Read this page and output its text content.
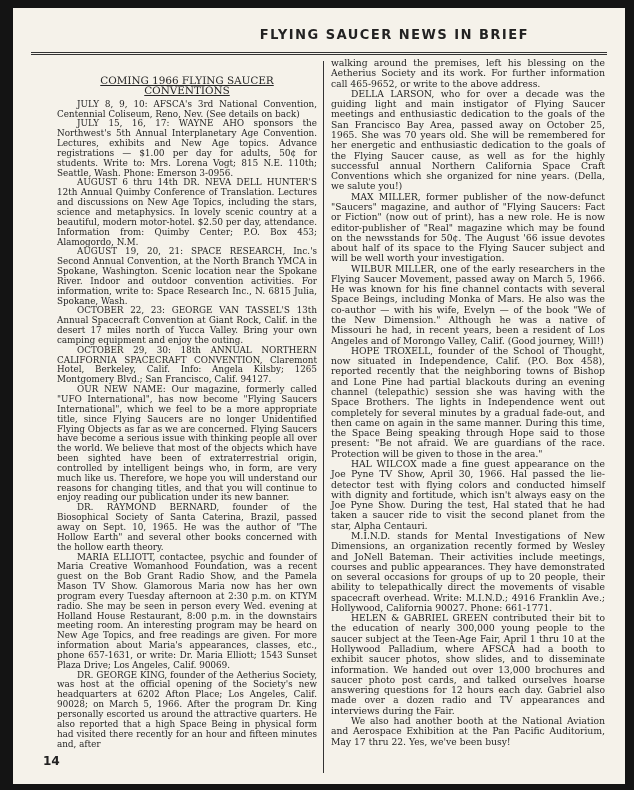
FLYING SAUCER NEWS IN BRIEF
COMING 1966 FLYING SAUCER CONVENTIONS

JULY 8, 9, 10: AFSCA's 3rd National Convention, Centennial Coliseum, Reno, Nev. (See details on back)

JULY 15, 16, 17: WAYNE AHO sponsors the Northwest's 5th Annual Interplanetary Age Convention. Lectures, exhibits and New Age topics. Advance registrations — $1.00 per day for adults, 50¢ for students. Write to: Mrs. Lorena Vogt; 815 N.E. 110th; Seattle, Wash. Phone: Emerson 3-0956.

AUGUST 6 thru 14th DR. NEVA DELL HUNTER'S 12th Annual Quimby Conference of Translation. Lectures and discussions on New Age Topics, including the stars, science and metaphysics. In lovely scenic country at a beautiful, modern motor-hotel. $2.50 per day, attendance. Information from: Quimby Center; P.O. Box 453; Alamogordo, N.M.

AUGUST 19, 20, 21: SPACE RESEARCH, Inc.'s Second Annual Convention, at the North Branch YMCA in Spokane, Washington. Scenic location near the Spokane River. Indoor and outdoor convention activities. For information, write to: Space Research Inc., N. 6815 Julia, Spokane, Wash.

OCTOBER 22, 23: GEORGE VAN TASSEL'S 13th Annual Spacecraft Convention at Giant Rock, Calif. in the desert 17 miles north of Yucca Valley. Bring your own camping equipment and enjoy the outing.

OCTOBER 29, 30: 18th ANNUAL NORTHERN CALIFORNIA SPACECRAFT CONVENTION, Claremont Hotel, Berkeley, Calif. Info: Angela Kilsby; 1265 Montgomery Blvd.; San Francisco, Calif. 94127.

OUR NEW NAME: Our magazine, formerly called "UFO International", has now become "Flying Saucers International", which we feel to be a more appropriate title, since Flying Saucers are no longer Unidentified Flying Objects as far as we are concerned. Flying Saucers have become a serious issue with thinking people all over the world. We believe that most of the objects which have been sighted have been of extraterrestrial origin, controlled by intelligent beings who, in form, are very much like us. Therefore, we hope you will understand our reasons for changing titles, and that you will continue to enjoy reading our publication under its new banner.

DR. RAYMOND BERNARD, founder of the Biosophical Society of Santa Caterina, Brazil, passed away on Sept. 10, 1965. He was the author of "The Hollow Earth" and several other books concerned with the hollow earth theory.

MARIA ELLIOTT, contactee, psychic and founder of Maria Creative Womanhood Foundation, was a recent guest on the Bob Grant Radio Show, and the Pamela Mason TV Show. Glamorous Maria now has her own program every Tuesday afternoon at 2:30 p.m. on KTYM radio. She may be seen in person every Wed. evening at Holland House Restaurant, 8:00 p.m. in the downstairs meeting room. An interesting program may be heard on New Age Topics, and free readings are given. For more information about Maria's appearances, classes, etc., phone 657-1631, or write: Dr. Maria Elliott; 1543 Sunset Plaza Drive; Los Angeles, Calif. 90069.

DR. GEORGE KING, founder of the Aetherius Society, was host at the official opening of the Society's new headquarters at 6202 Afton Place; Los Angeles, Calif. 90028; on March 5, 1966. After the program Dr. King personally escorted us around the attractive quarters. He also reported that a high Space Being in physical form had visited there recently for an hour and fifteen minutes and, after

walking around the premises, left his blessing on the Aetherius Society and its work. For further information call 465-9652, or write to the above address.

DELLA LARSON, who for over a decade was the guiding light and main instigator of Flying Saucer meetings and enthusiastic dedication to the goals of the San Francisco Bay Area, passed away on October 25, 1965. She was 70 years old. She will be remembered for her energetic and enthusiastic dedication to the goals of the Flying Saucer cause, as well as for the highly successful annual Northern California Space Craft Conventions which she organized for nine years. (Della, we salute you!)

MAX MILLER, former publisher of the now-defunct "Saucers" magazine, and author of "Flying Saucers: Fact or Fiction" (now out of print), has a new role. He is now editor-publisher of "Real" magazine which may be found on the newsstands for 50¢. The August '66 issue devotes about half of its space to the Flying Saucer subject and will be well worth your investigation.

WILBUR MILLER, one of the early researchers in the Flying Saucer Movement, passed away on March 5, 1966. He was known for his fine channel contacts with several Space Beings, including Monka of Mars. He also was the co-author — with his wife, Evelyn — of the book "We of the New Dimension." Although he was a native of Missouri he had, in recent years, been a resident of Los Angeles and of Morongo Valley, Calif. (Good journey, Will!)

HOPE TROXELL, founder of the School of Thought, now situated in Independence, Calif. (P.O. Box 458), reported recently that the neighboring towns of Bishop and Lone Pine had partial blackouts during an evening channel (telepathic) session she was having with the Space Brothers. The lights in Independence went out completely for several minutes by a gradual fade-out, and then came on again in the same manner. During this time, the Space Being speaking through Hope said to those present: "Be not afraid. We are guardians of the race. Protection will be given to those in the area."

HAL WILCOX made a fine guest appearance on the Joe Pyne TV Show, April 30, 1966. Hal passed the lie-detector test with flying colors and conducted himself with dignity and fortitude, which isn't always easy on the Joe Pyne Show. During the test, Hal stated that he had taken a saucer ride to visit the second planet from the star, Alpha Centauri.

M.I.N.D. stands for Mental Investigations of New Dimensions, an organization recently formed by Wesley and JoNell Bateman. Their activities include meetings, courses and public appearances. They have demonstrated on several occasions for groups of up to 20 people, their ability to telepathically direct the movements of visable spacecraft overhead. Write: M.I.N.D.; 4916 Franklin Ave.; Hollywood, California 90027. Phone: 661-1771.

HELEN & GABRIEL GREEN contributed their bit to the education of nearly 300,000 young people to the saucer subject at the Teen-Age Fair, April 1 thru 10 at the Hollywood Palladium, where AFSCA had a booth to exhibit saucer photos, show slides, and to disseminate information. We handed out over 13,000 brochures and saucer photo post cards, and talked ourselves hoarse answering questions for 12 hours each day. Gabriel also made over a dozen radio and TV appearances and interviews during the Fair.

We also had another booth at the National Aviation and Aerospace Exhibition at the Pan Pacific Auditorium, May 17 thru 22. Yes, we've been busy!

14
